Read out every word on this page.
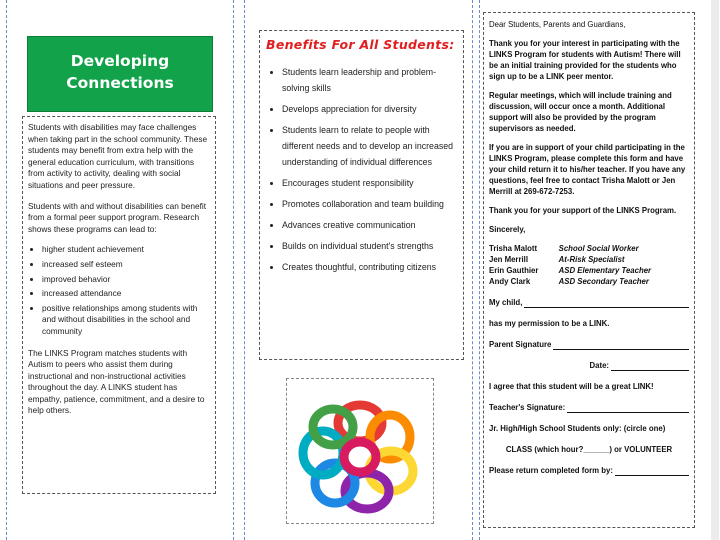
Developing
Connections

Students with disabilities may face challenges when taking part in the school community. These students may benefit from extra help with the general education curriculum, with transitions from activity to activity, dealing with social situations and peer pressure.

Students with and without disabilities can benefit from a formal peer support program. Research shows these programs can lead to:

• higher student achievement
• increased self esteem
• improved behavior
• increased attendance
• positive relationships among students with and without disabilities in the school and community

The LINKS Program matches students with Autism to peers who assist them during instructional and non-instructional activities throughout the day. A LINKS student has empathy, patience, commitment, and a desire to help others.

Benefits For All Students:
• Students learn leadership and problem-solving skills
• Develops appreciation for diversity
• Students learn to relate to people with different needs and to develop an increased understanding of individual differences
• Encourages student responsibility
• Promotes collaboration and team building
• Advances creative communication
• Builds on individual student's strengths
• Creates thoughtful, contributing citizens

Dear Students, Parents and Guardians,

Thank you for your interest in participating with the LINKS Program for students with Autism! There will be an initial training provided for the students who sign up to be a LINK peer mentor.

Regular meetings, which will include training and discussion, will occur once a month. Additional support will also be provided by the program supervisors as needed.

If you are in support of your child participating in the LINKS Program, please complete this form and have your child return it to his/her teacher. If you have any questions, feel free to contact Trisha Malott or Jen Merrill at 269-672-7253.

Thank you for your support of the LINKS Program.

Sincerely,

Trisha Malott	School Social Worker
Jen Merrill	At-Risk Specialist
Erin Gauthier	ASD Elementary Teacher
Andy Clark	ASD Secondary Teacher
My child,
has my permission to be a LINK.
Parent Signature
Date:
I agree that this student will be a great LINK!
Teacher's Signature:
Jr. High/High School Students only: (circle one)
CLASS (which hour?______) or VOLUNTEER
Please return completed form by:
